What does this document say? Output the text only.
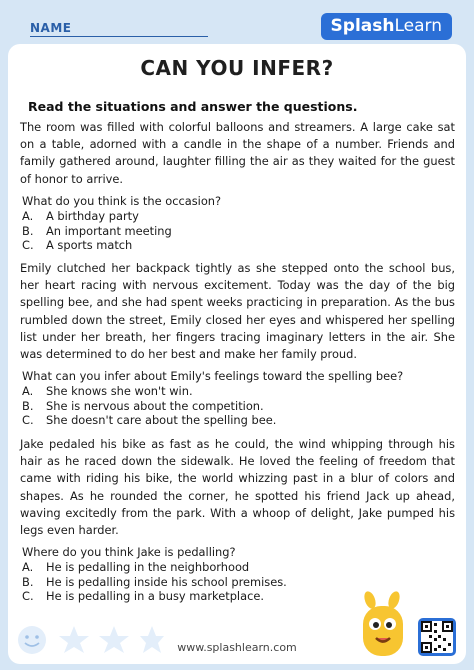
NAME	SplashLearn
CAN YOU INFER?
Read the situations and answer the questions.

The room was filled with colorful balloons and streamers. A large cake sat on a table, adorned with a candle in the shape of a number. Friends and family gathered around, laughter filling the air as they waited for the guest of honor to arrive.

What do you think is the occasion?

A.	A birthday party
B.	An important meeting
C.	A sports match

Emily clutched her backpack tightly as she stepped onto the school bus, her heart racing with nervous excitement. Today was the day of the big spelling bee, and she had spent weeks practicing in preparation. As the bus rumbled down the street, Emily closed her eyes and whispered her spelling list under her breath, her fingers tracing imaginary letters in the air. She was determined to do her best and make her family proud.

What can you infer about Emily's feelings toward the spelling bee?

A.	She knows she won't win.
B.	She is nervous about the competition.
C.	She doesn't care about the spelling bee.

Jake pedaled his bike as fast as he could, the wind whipping through his hair as he raced down the sidewalk. He loved the feeling of freedom that came with riding his bike, the world whizzing past in a blur of colors and shapes. As he rounded the corner, he spotted his friend Jack up ahead, waving excitedly from the park. With a whoop of delight, Jake pumped his legs even harder.

Where do you think Jake is pedalling?

A.	He is pedalling in the neighborhood
B.	He is pedalling inside his school premises.
C.	He is pedalling in a busy marketplace.
www.splashlearn.com
